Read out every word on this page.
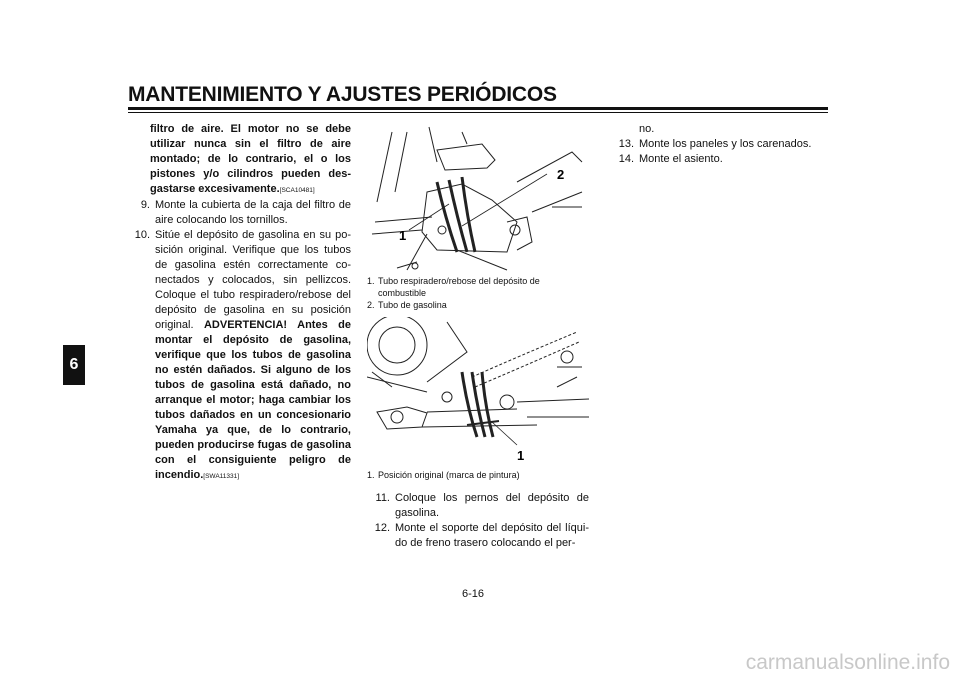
MANTENIMIENTO Y AJUSTES PERIÓDICOS
6
filtro de aire. El motor no se debe utilizar nunca sin el filtro de aire montado; de lo contrario, el o los pistones y/o cilindros pueden desgastarse excesivamente.[SCA10481]
9. Monte la cubierta de la caja del filtro de aire colocando los tornillos.
10. Sitúe el depósito de gasolina en su posición original. Verifique que los tubos de gasolina estén correctamente conectados y colocados, sin pellizcos. Coloque el tubo respiradero/rebose del depósito de gasolina en su posición original. ADVERTENCIA! Antes de montar el depósito de gasolina, verifique que los tubos de gasolina no estén dañados. Si alguno de los tubos de gasolina está dañado, no arranque el motor; haga cambiar los tubos dañados en un concesionario Yamaha ya que, de lo contrario, pueden producirse fugas de gasolina con el consiguiente peligro de incendio.[SWA11331]
2
1
1. Tubo respiradero/rebose del depósito de combustible
2. Tubo de gasolina
1
1. Posición original (marca de pintura)
11. Coloque los pernos del depósito de gasolina.
12. Monte el soporte del depósito del líquido de freno trasero colocando el per-
no.
13. Monte los paneles y los carenados.
14. Monte el asiento.
6-16
carmanualsonline.info
